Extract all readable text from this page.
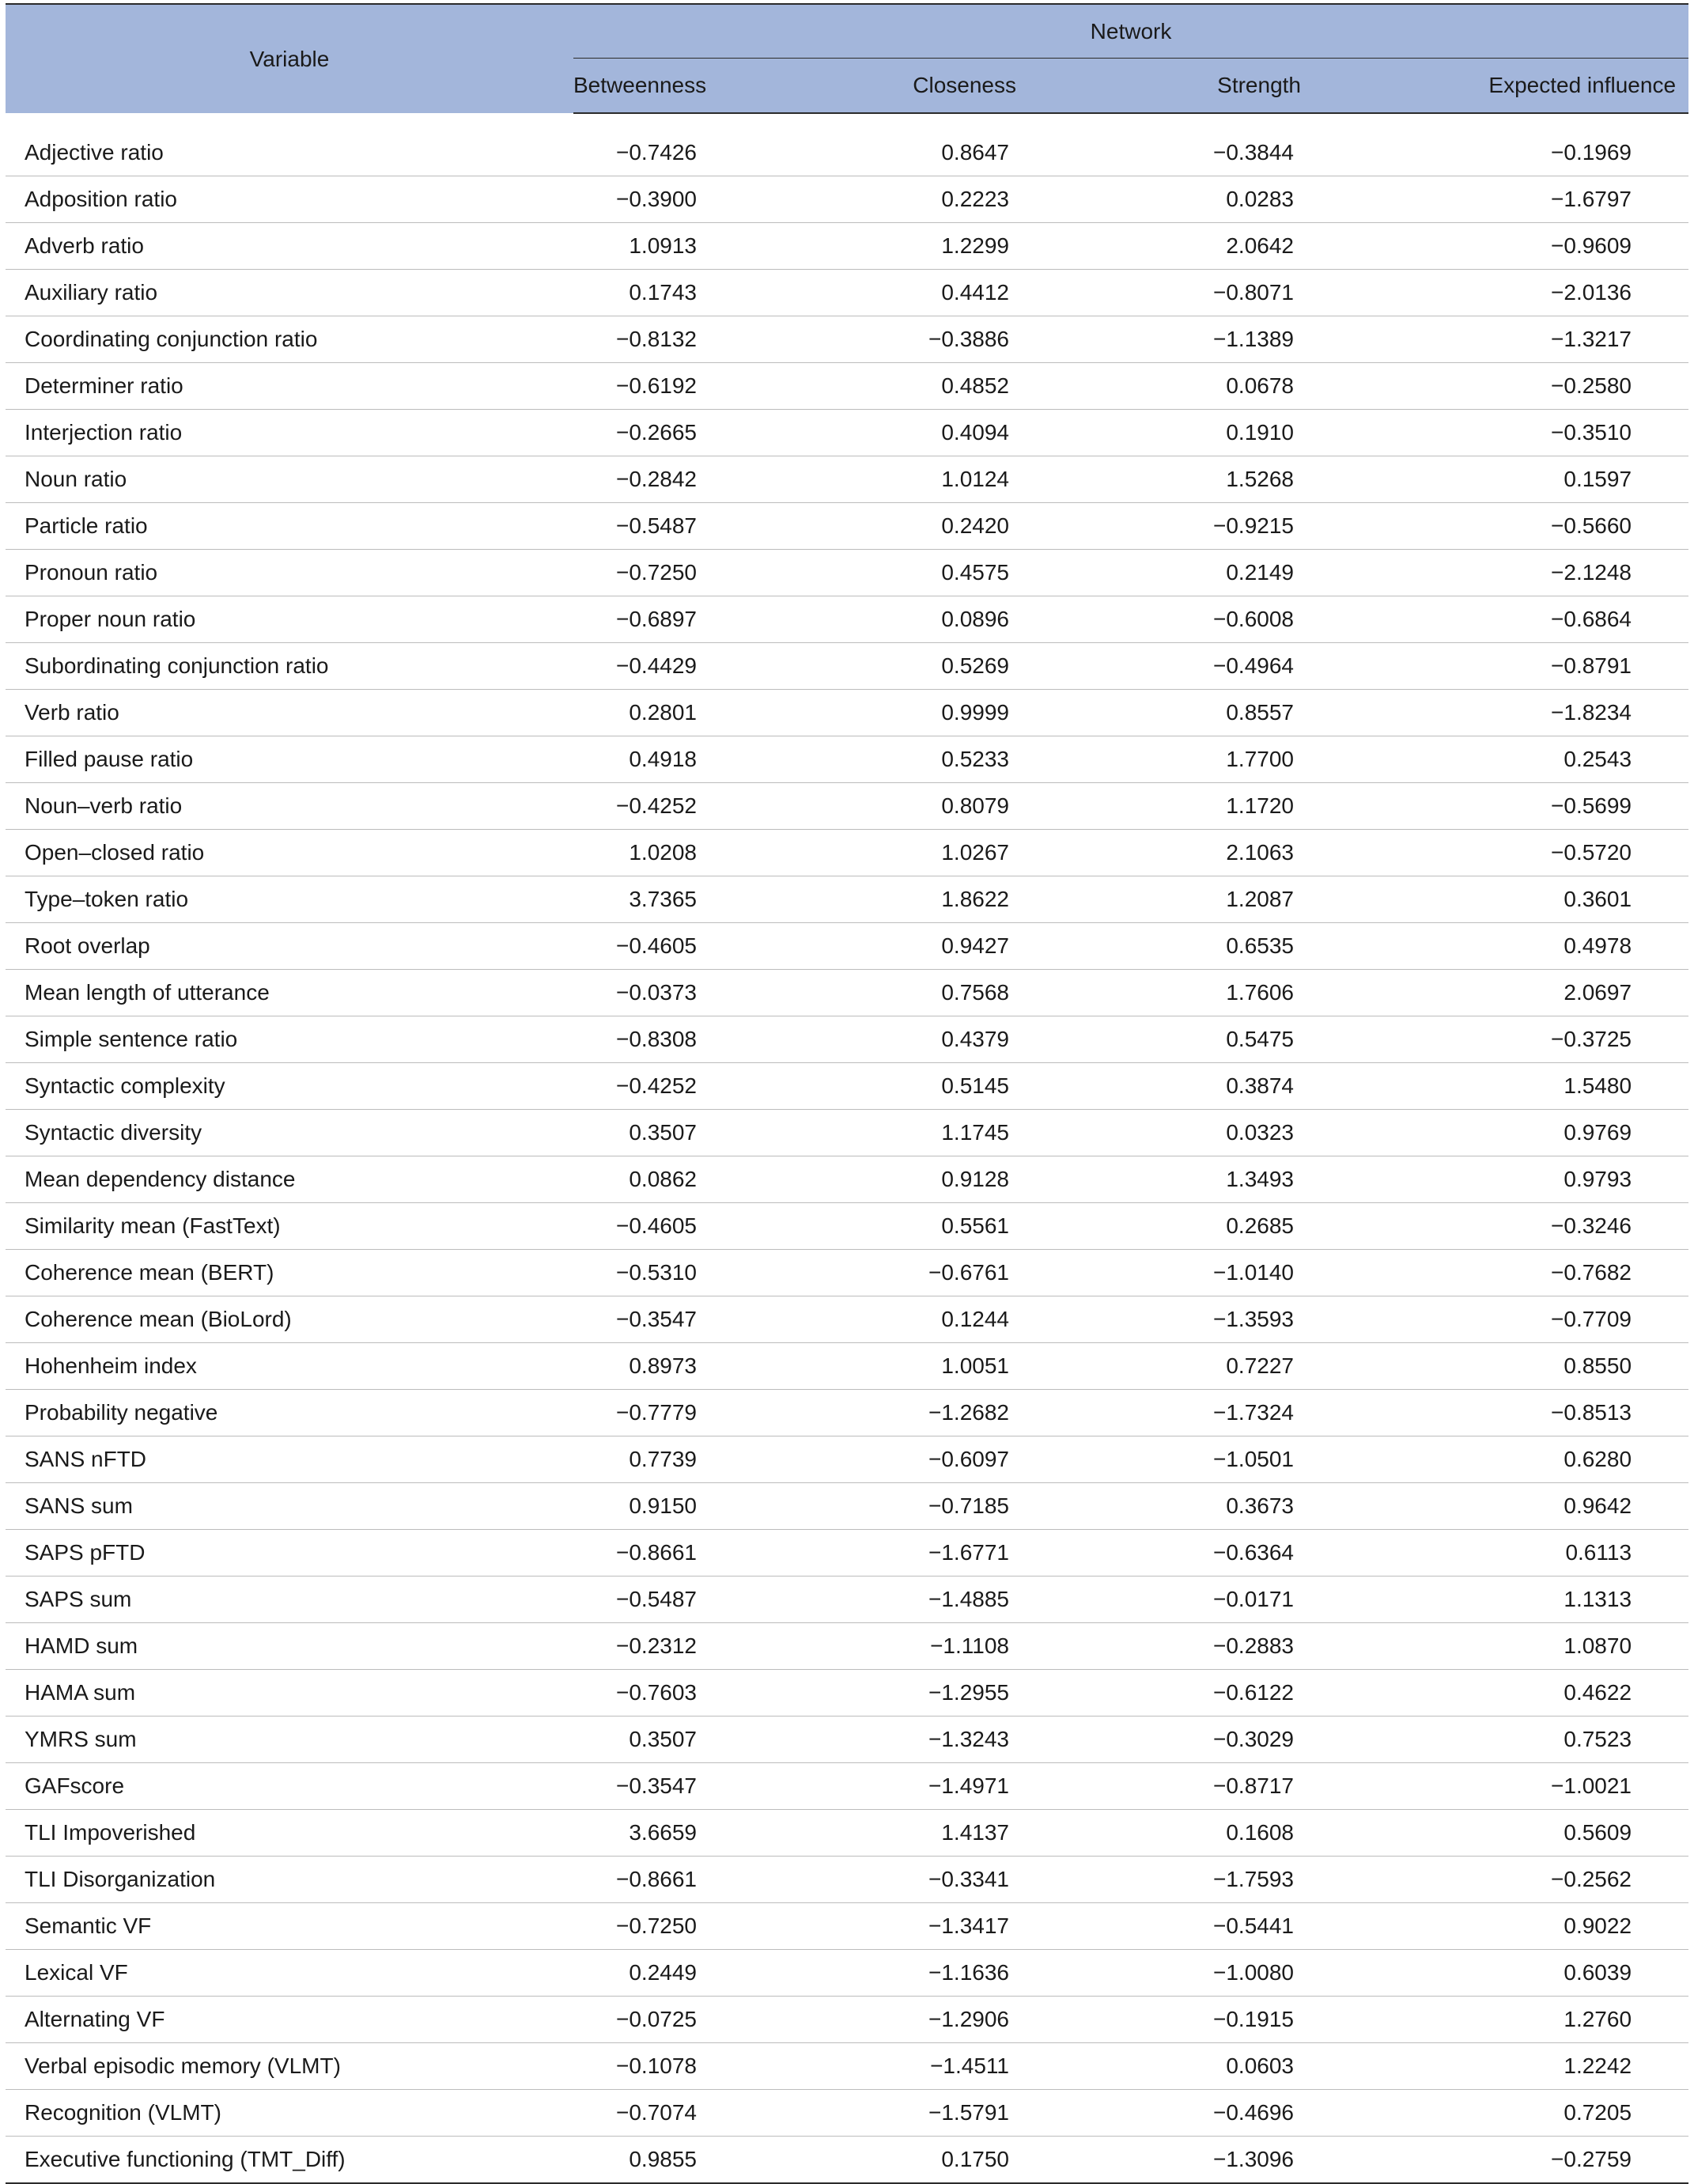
Variable	Network			
	Betweenness	Closeness	Strength	Expected influence

Adjective ratio	−0.7426	0.8647	−0.3844	−0.1969
Adposition ratio	−0.3900	0.2223	0.0283	−1.6797
Adverb ratio	1.0913	1.2299	2.0642	−0.9609
Auxiliary ratio	0.1743	0.4412	−0.8071	−2.0136
Coordinating conjunction ratio	−0.8132	−0.3886	−1.1389	−1.3217
Determiner ratio	−0.6192	0.4852	0.0678	−0.2580
Interjection ratio	−0.2665	0.4094	0.1910	−0.3510
Noun ratio	−0.2842	1.0124	1.5268	0.1597
Particle ratio	−0.5487	0.2420	−0.9215	−0.5660
Pronoun ratio	−0.7250	0.4575	0.2149	−2.1248
Proper noun ratio	−0.6897	0.0896	−0.6008	−0.6864
Subordinating conjunction ratio	−0.4429	0.5269	−0.4964	−0.8791
Verb ratio	0.2801	0.9999	0.8557	−1.8234
Filled pause ratio	0.4918	0.5233	1.7700	0.2543
Noun–verb ratio	−0.4252	0.8079	1.1720	−0.5699
Open–closed ratio	1.0208	1.0267	2.1063	−0.5720
Type–token ratio	3.7365	1.8622	1.2087	0.3601
Root overlap	−0.4605	0.9427	0.6535	0.4978
Mean length of utterance	−0.0373	0.7568	1.7606	2.0697
Simple sentence ratio	−0.8308	0.4379	0.5475	−0.3725
Syntactic complexity	−0.4252	0.5145	0.3874	1.5480
Syntactic diversity	0.3507	1.1745	0.0323	0.9769
Mean dependency distance	0.0862	0.9128	1.3493	0.9793
Similarity mean (FastText)	−0.4605	0.5561	0.2685	−0.3246
Coherence mean (BERT)	−0.5310	−0.6761	−1.0140	−0.7682
Coherence mean (BioLord)	−0.3547	0.1244	−1.3593	−0.7709
Hohenheim index	0.8973	1.0051	0.7227	0.8550
Probability negative	−0.7779	−1.2682	−1.7324	−0.8513
SANS nFTD	0.7739	−0.6097	−1.0501	0.6280
SANS sum	0.9150	−0.7185	0.3673	0.9642
SAPS pFTD	−0.8661	−1.6771	−0.6364	0.6113
SAPS sum	−0.5487	−1.4885	−0.0171	1.1313
HAMD sum	−0.2312	−1.1108	−0.2883	1.0870
HAMA sum	−0.7603	−1.2955	−0.6122	0.4622
YMRS sum	0.3507	−1.3243	−0.3029	0.7523
GAFscore	−0.3547	−1.4971	−0.8717	−1.0021
TLI Impoverished	3.6659	1.4137	0.1608	0.5609
TLI Disorganization	−0.8661	−0.3341	−1.7593	−0.2562
Semantic VF	−0.7250	−1.3417	−0.5441	0.9022
Lexical VF	0.2449	−1.1636	−1.0080	0.6039
Alternating VF	−0.0725	−1.2906	−0.1915	1.2760
Verbal episodic memory (VLMT)	−0.1078	−1.4511	0.0603	1.2242
Recognition (VLMT)	−0.7074	−1.5791	−0.4696	0.7205
Executive functioning (TMT_Diff)	0.9855	0.1750	−1.3096	−0.2759
